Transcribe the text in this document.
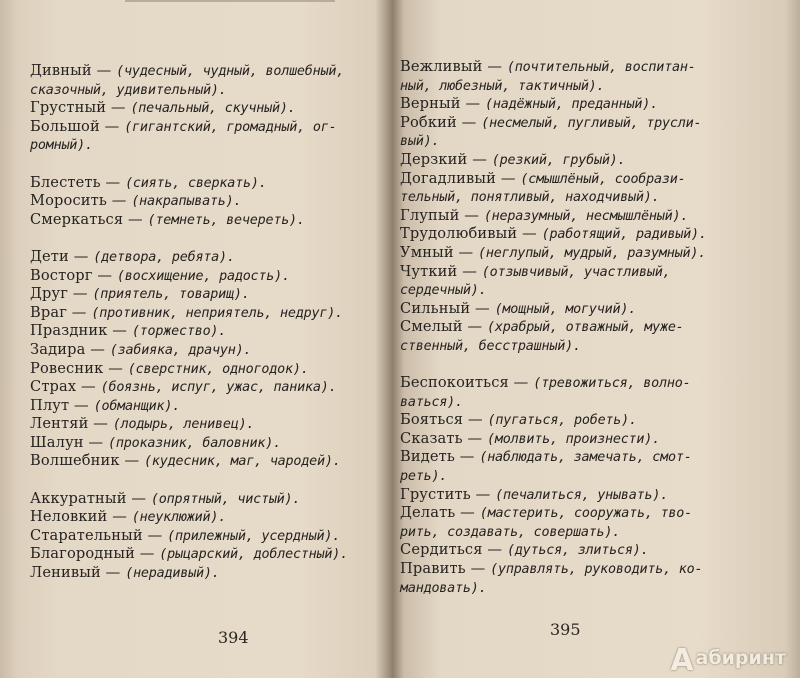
Дивный — (чудесный, чудный, волшебный,
сказочный, удивительный).
Грустный — (печальный, скучный).
Большой — (гигантский, громадный, ог-
ромный).
Блестеть — (сиять, сверкать).
Моросить — (накрапывать).
Смеркаться — (темнеть, вечереть).
Дети — (детвора, ребята).
Восторг — (восхищение, радость).
Друг — (приятель, товарищ).
Враг — (противник, неприятель, недруг).
Праздник — (торжество).
Задира — (забияка, драчун).
Ровесник — (сверстник, одногодок).
Страх — (боязнь, испуг, ужас, паника).
Плут — (обманщик).
Лентяй — (лодырь, ленивец).
Шалун — (проказник, баловник).
Волшебник — (кудесник, маг, чародей).
Аккуратный — (опрятный, чистый).
Неловкий — (неуклюжий).
Старательный — (прилежный, усердный).
Благородный — (рыцарский, доблестный).
Ленивый — (нерадивый).
394
Вежливый — (почтительный, воспитан-
ный, любезный, тактичный).
Верный — (надёжный, преданный).
Робкий — (несмелый, пугливый, трусли-
вый).
Дерзкий — (резкий, грубый).
Догадливый — (смышлёный, сообрази-
тельный, понятливый, находчивый).
Глупый — (неразумный, несмышлёный).
Трудолюбивый — (работящий, радивый).
Умный — (неглупый, мудрый, разумный).
Чуткий — (отзывчивый, участливый,
сердечный).
Сильный — (мощный, могучий).
Смелый — (храбрый, отважный, муже-
ственный, бесстрашный).
Беспокоиться — (тревожиться, волно-
ваться).
Бояться — (пугаться, робеть).
Сказать — (молвить, произнести).
Видеть — (наблюдать, замечать, смот-
реть).
Грустить — (печалиться, унывать).
Делать — (мастерить, сооружать, тво-
рить, создавать, совершать).
Сердиться — (дуться, злиться).
Править — (управлять, руководить, ко-
мандовать).
395
Aабиринт
